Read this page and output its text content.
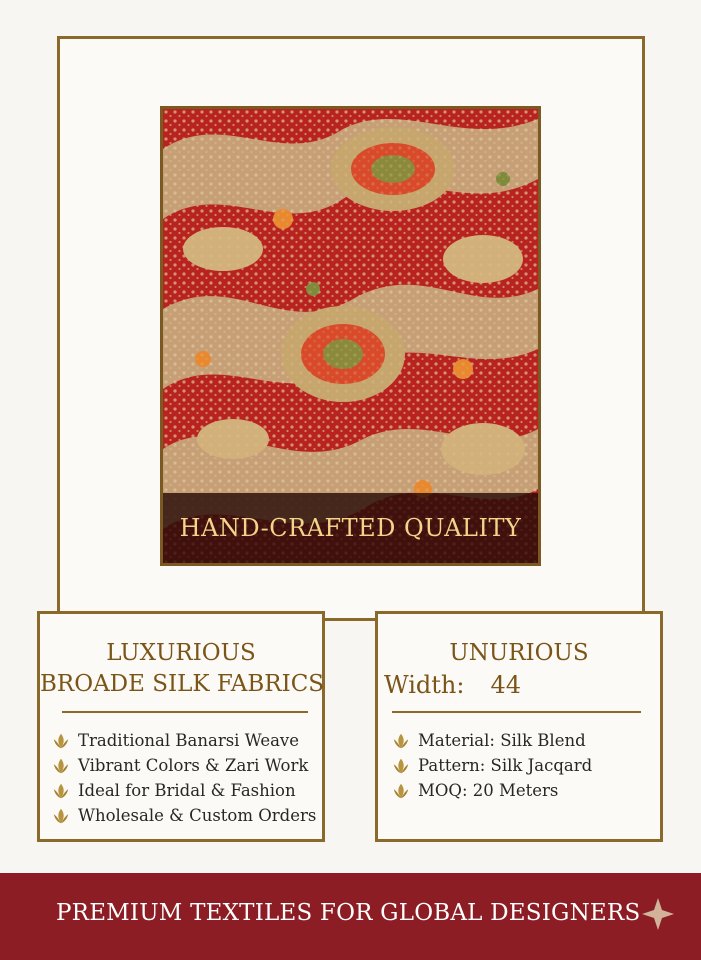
HAND-CRAFTED QUALITY
LUXURIOUS
BROADE SILK FABRICS
Traditional Banarsi Weave
Vibrant Colors & Zari Work
Ideal for Bridal & Fashion
Wholesale & Custom Orders
UNURIOUS
Width: 44
Material: Silk Blend
Pattern: Silk Jacqard
MOQ: 20 Meters
PREMIUM TEXTILES FOR GLOBAL DESIGNERS
